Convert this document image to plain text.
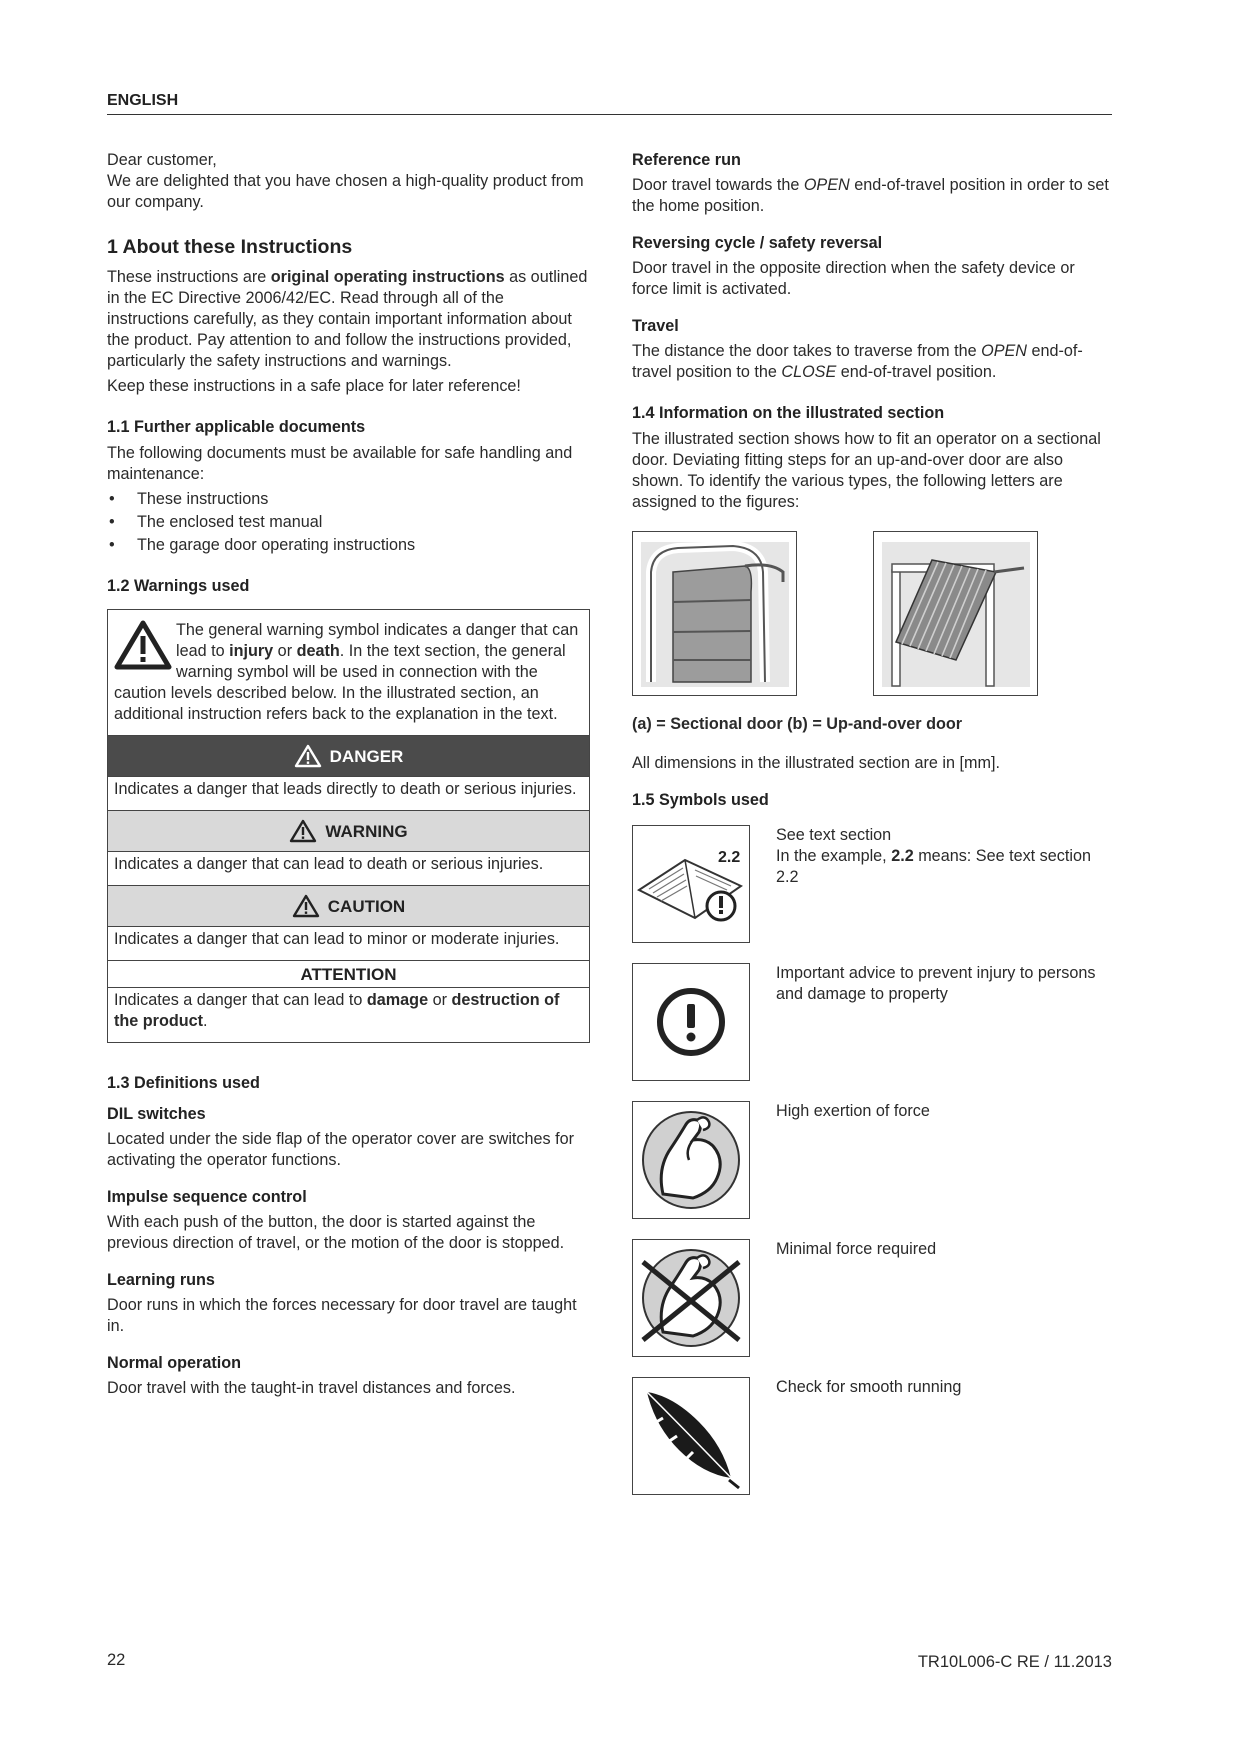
ENGLISH

Dear customer,

We are delighted that you have chosen a high-quality product from our company.

1 About these Instructions

These instructions are original operating instructions as outlined in the EC Directive 2006/42/EC. Read through all of the instructions carefully, as they contain important information about the product. Pay attention to and follow the instructions provided, particularly the safety instructions and warnings.

Keep these instructions in a safe place for later reference!

1.1 Further applicable documents

The following documents must be available for safe handling and maintenance:

• These instructions
• The enclosed test manual
• The garage door operating instructions
1.2 Warnings used
The general warning symbol indicates a danger that can lead to injury or death. In the text section, the general warning symbol will be used in connection with the caution levels described below. In the illustrated section, an additional instruction refers back to the explanation in the text.
DANGER
Indicates a danger that leads directly to death or serious injuries.
WARNING
Indicates a danger that can lead to death or serious injuries.
CAUTION
Indicates a danger that can lead to minor or moderate injuries.
ATTENTION
Indicates a danger that can lead to damage or destruction of the product.
1.3 Definitions used
DIL switches

Located under the side flap of the operator cover are switches for activating the operator functions.

Impulse sequence control

With each push of the button, the door is started against the previous direction of travel, or the motion of the door is stopped.

Learning runs

Door runs in which the forces necessary for door travel are taught in.

Normal operation

Door travel with the taught-in travel distances and forces.

Reference run

Door travel towards the OPEN end-of-travel position in order to set the home position.

Reversing cycle / safety reversal

Door travel in the opposite direction when the safety device or force limit is activated.

Travel

The distance the door takes to traverse from the OPEN end-of-travel position to the CLOSE end-of-travel position.

1.4 Information on the illustrated section

The illustrated section shows how to fit an operator on a sectional door. Deviating fitting steps for an up-and-over door are also shown. To identify the various types, the following letters are assigned to the figures:

(a) = Sectional door (b) = Up-and-over door

All dimensions in the illustrated section are in [mm].

1.5 Symbols used
2.2

See text section

In the example, 2.2 means: See text section 2.2

Important advice to prevent injury to persons and damage to property
High exertion of force
Minimal force required
Check for smooth running
22	TR10L006-C RE / 11.2013
